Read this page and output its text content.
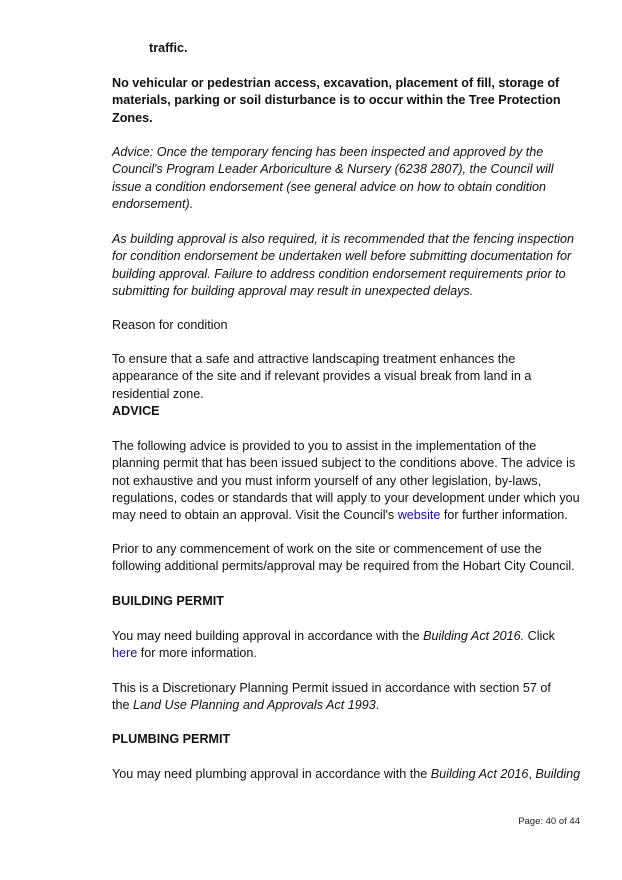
traffic.

No vehicular or pedestrian access, excavation, placement of fill, storage of materials, parking or soil disturbance is to occur within the Tree Protection Zones.

Advice: Once the temporary fencing has been inspected and approved by the Council's Program Leader Arboriculture & Nursery (6238 2807), the Council will issue a condition endorsement (see general advice on how to obtain condition endorsement).

As building approval is also required, it is recommended that the fencing inspection for condition endorsement be undertaken well before submitting documentation for building approval. Failure to address condition endorsement requirements prior to submitting for building approval may result in unexpected delays.

Reason for condition

To ensure that a safe and attractive landscaping treatment enhances the appearance of the site and if relevant provides a visual break from land in a residential zone.

ADVICE

The following advice is provided to you to assist in the implementation of the planning permit that has been issued subject to the conditions above. The advice is not exhaustive and you must inform yourself of any other legislation, by-laws, regulations, codes or standards that will apply to your development under which you may need to obtain an approval. Visit the Council's website for further information.

Prior to any commencement of work on the site or commencement of use the following additional permits/approval may be required from the Hobart City Council.

BUILDING PERMIT

You may need building approval in accordance with the Building Act 2016. Click
here for more information.

This is a Discretionary Planning Permit issued in accordance with section 57 of the Land Use Planning and Approvals Act 1993.

PLUMBING PERMIT

You may need plumbing approval in accordance with the Building Act 2016, Building

Page: 40 of 44
